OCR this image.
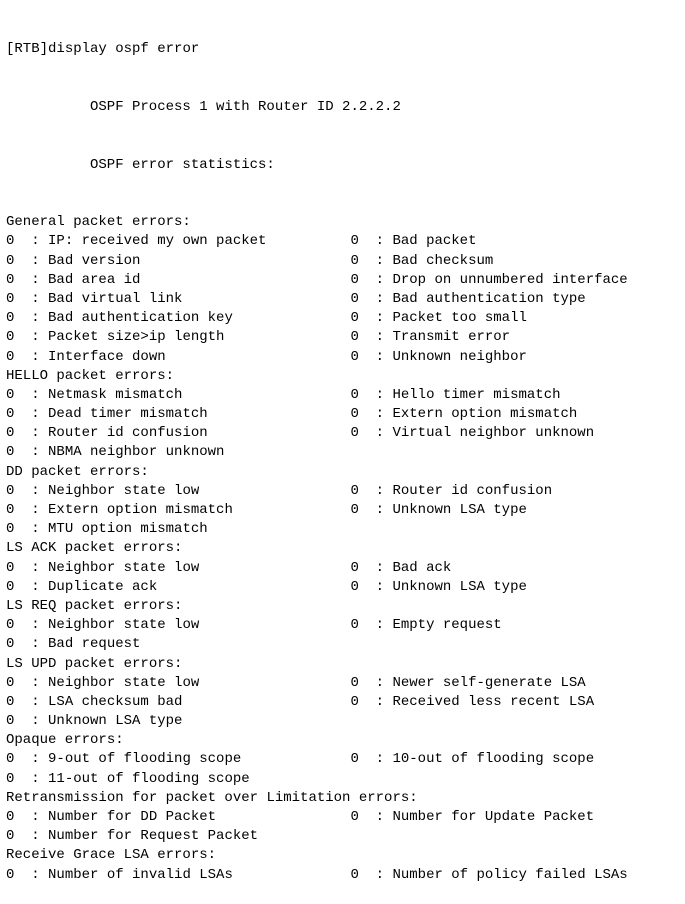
[RTB]display ospf error

OSPF Process 1 with Router ID 2.2.2.2

OSPF error statistics:

General packet errors:
0  : IP: received my own packet	0  : Bad packet
0  : Bad version	0  : Bad checksum
0  : Bad area id	0  : Drop on unnumbered interface
0  : Bad virtual link	0  : Bad authentication type
0  : Bad authentication key	0  : Packet too small
0  : Packet size>ip length	0  : Transmit error
0  : Interface down	0  : Unknown neighbor
HELLO packet errors:
0  : Netmask mismatch	0  : Hello timer mismatch
0  : Dead timer mismatch	0  : Extern option mismatch
0  : Router id confusion	0  : Virtual neighbor unknown
0  : NBMA neighbor unknown
DD packet errors:
0  : Neighbor state low	0  : Router id confusion
0  : Extern option mismatch	0  : Unknown LSA type
0  : MTU option mismatch
LS ACK packet errors:
0  : Neighbor state low	0  : Bad ack
0  : Duplicate ack	0  : Unknown LSA type
LS REQ packet errors:
0  : Neighbor state low	0  : Empty request
0  : Bad request
LS UPD packet errors:
0  : Neighbor state low	0  : Newer self-generate LSA
0  : LSA checksum bad	0  : Received less recent LSA
0  : Unknown LSA type
Opaque errors:
0  : 9-out of flooding scope	0  : 10-out of flooding scope
0  : 11-out of flooding scope
Retransmission for packet over Limitation errors:
0  : Number for DD Packet	0  : Number for Update Packet
0  : Number for Request Packet
Receive Grace LSA errors:
0  : Number of invalid LSAs	0  : Number of policy failed LSAs
